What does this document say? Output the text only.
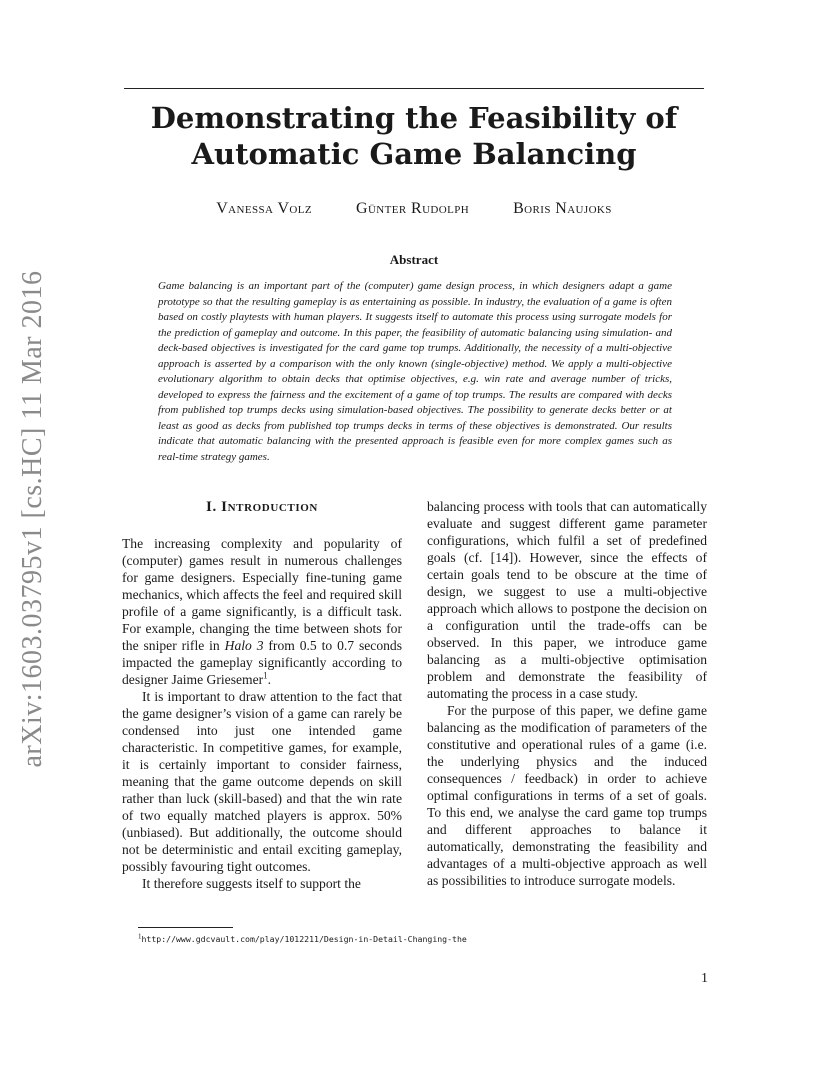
arXiv:1603.03795v1 [cs.HC] 11 Mar 2016
Demonstrating the Feasibility of
Automatic Game Balancing
Vanessa Volz	Günter Rudolph	Boris Naujoks
Abstract

Game balancing is an important part of the (computer) game design process, in which designers adapt a game prototype so that the resulting gameplay is as entertaining as possible. In industry, the evaluation of a game is often based on costly playtests with human players. It suggests itself to automate this process using surrogate models for the prediction of gameplay and outcome. In this paper, the feasibility of automatic balancing using simulation- and deck-based objectives is investigated for the card game top trumps. Additionally, the necessity of a multi-objective approach is asserted by a comparison with the only known (single-objective) method. We apply a multi-objective evolutionary algorithm to obtain decks that optimise objectives, e.g. win rate and average number of tricks, developed to express the fairness and the excitement of a game of top trumps. The results are compared with decks from published top trumps decks using simulation-based objectives. The possibility to generate decks better or at least as good as decks from published top trumps decks in terms of these objectives is demonstrated. Our results indicate that automatic balancing with the presented approach is feasible even for more complex games such as real-time strategy games.

I. Introduction

The increasing complexity and popularity of (computer) games result in numerous challenges for game designers. Especially fine-tuning game mechanics, which affects the feel and required skill profile of a game significantly, is a difficult task. For example, changing the time between shots for the sniper rifle in Halo 3 from 0.5 to 0.7 seconds impacted the gameplay significantly according to designer Jaime Griesemer$^1$.

It is important to draw attention to the fact that the game designer’s vision of a game can rarely be condensed into just one intended game characteristic. In competitive games, for example, it is certainly important to consider fairness, meaning that the game outcome depends on skill rather than luck (skill-based) and that the win rate of two equally matched players is approx. 50% (unbiased). But additionally, the outcome should not be deterministic and entail exciting gameplay, possibly favouring tight outcomes.

It therefore suggests itself to support the

balancing process with tools that can automatically evaluate and suggest different game parameter configurations, which fulfil a set of predefined goals (cf. [14]). However, since the effects of certain goals tend to be obscure at the time of design, we suggest to use a multi-objective approach which allows to postpone the decision on a configuration until the trade-offs can be observed. In this paper, we introduce game balancing as a multi-objective optimisation problem and demonstrate the feasibility of automating the process in a case study.

For the purpose of this paper, we define game balancing as the modification of parameters of the constitutive and operational rules of a game (i.e. the underlying physics and the induced consequences / feedback) in order to achieve optimal configurations in terms of a set of goals. To this end, we analyse the card game top trumps and different approaches to balance it automatically, demonstrating the feasibility and advantages of a multi-objective approach as well as possibilities to introduce surrogate models.

$^1$http://www.gdcvault.com/play/1012211/Design-in-Detail-Changing-the
1
